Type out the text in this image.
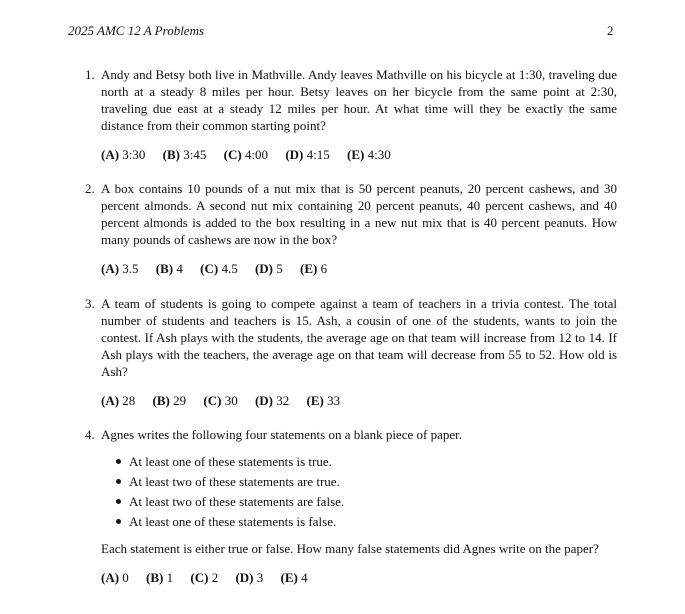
2025 AMC 12 A Problems	2
1. Andy and Betsy both live in Mathville. Andy leaves Mathville on his bicycle at 1:30, traveling due north at a steady 8 miles per hour. Betsy leaves on her bicycle from the same point at 2:30, traveling due east at a steady 12 miles per hour. At what time will they be exactly the same distance from their common starting point?
(A) 3:30 (B) 3:45 (C) 4:00 (D) 4:15 (E) 4:30
2. A box contains 10 pounds of a nut mix that is 50 percent peanuts, 20 percent cashews, and 30 percent almonds. A second nut mix containing 20 percent peanuts, 40 percent cashews, and 40 percent almonds is added to the box resulting in a new nut mix that is 40 percent peanuts. How many pounds of cashews are now in the box?
(A) 3.5 (B) 4 (C) 4.5 (D) 5 (E) 6
3. A team of students is going to compete against a team of teachers in a trivia contest. The total number of students and teachers is 15. Ash, a cousin of one of the students, wants to join the contest. If Ash plays with the students, the average age on that team will increase from 12 to 14. If Ash plays with the teachers, the average age on that team will decrease from 55 to 52. How old is Ash?
(A) 28 (B) 29 (C) 30 (D) 32 (E) 33
4. Agnes writes the following four statements on a blank piece of paper.
At least one of these statements is true.
At least two of these statements are true.
At least two of these statements are false.
At least one of these statements is false.
Each statement is either true or false. How many false statements did Agnes write on the paper?
(A) 0 (B) 1 (C) 2 (D) 3 (E) 4
